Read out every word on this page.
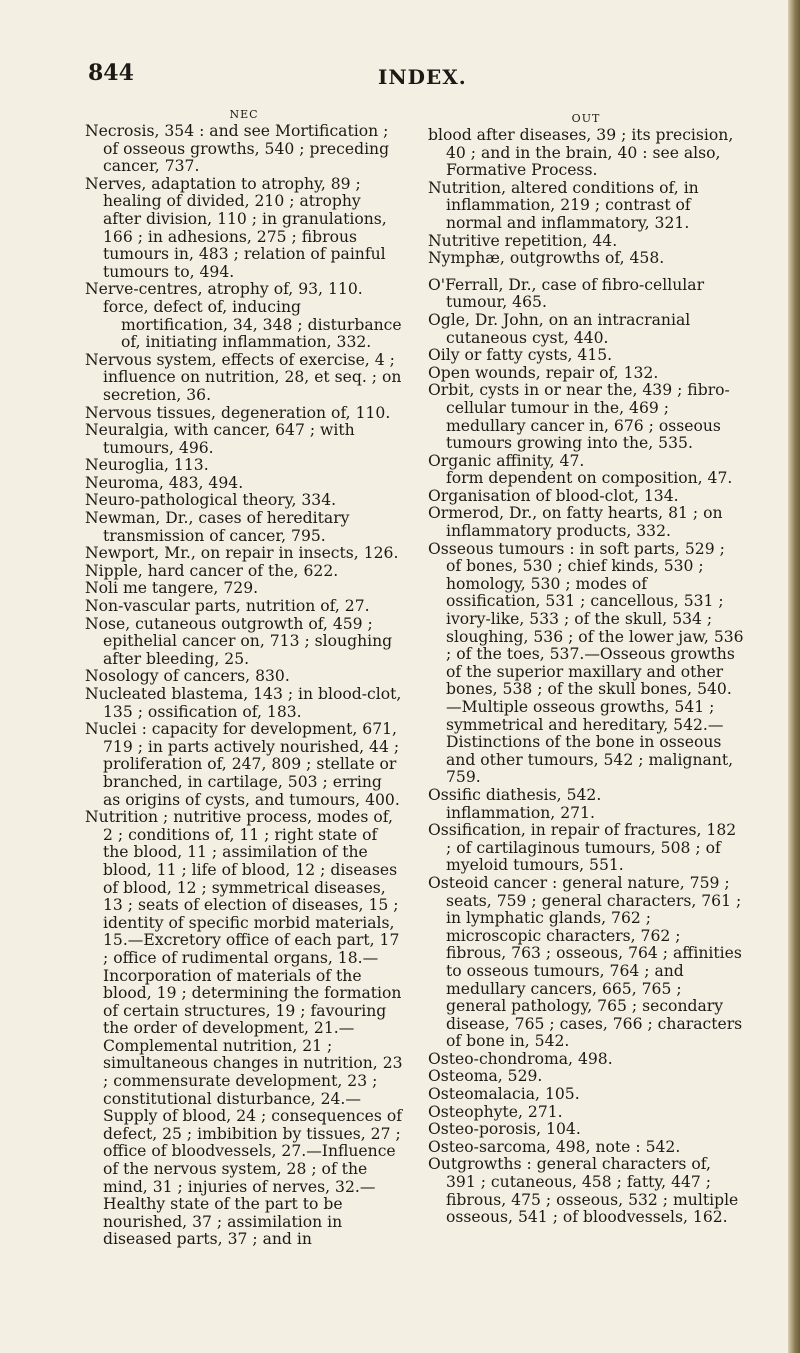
844	INDEX.

NEC

Necrosis, 354 : and see Mortification ; of osseous growths, 540 ; preceding cancer, 737.

Nerves, adaptation to atrophy, 89 ; healing of divided, 210 ; atrophy after division, 110 ; in granulations, 166 ; in adhesions, 275 ; fibrous tumours in, 483 ; relation of painful tumours to, 494.

Nerve-centres, atrophy of, 93, 110.

force, defect of, inducing mortification, 34, 348 ; disturbance of, initiating inflammation, 332.

Nervous system, effects of exercise, 4 ; influence on nutrition, 28, et seq. ; on secretion, 36.

Nervous tissues, degeneration of, 110.

Neuralgia, with cancer, 647 ; with tumours, 496.

Neuroglia, 113.

Neuroma, 483, 494.

Neuro-pathological theory, 334.

Newman, Dr., cases of hereditary transmission of cancer, 795.

Newport, Mr., on repair in insects, 126.

Nipple, hard cancer of the, 622.

Noli me tangere, 729.

Non-vascular parts, nutrition of, 27.

Nose, cutaneous outgrowth of, 459 ; epithelial cancer on, 713 ; sloughing after bleeding, 25.

Nosology of cancers, 830.

Nucleated blastema, 143 ; in blood-clot, 135 ; ossification of, 183.

Nuclei : capacity for development, 671, 719 ; in parts actively nourished, 44 ; proliferation of, 247, 809 ; stellate or branched, in cartilage, 503 ; erring as origins of cysts, and tumours, 400.

Nutrition ; nutritive process, modes of, 2 ; conditions of, 11 ; right state of the blood, 11 ; assimilation of the blood, 11 ; life of blood, 12 ; diseases of blood, 12 ; symmetrical diseases, 13 ; seats of election of diseases, 15 ; identity of specific morbid materials, 15.—Excretory office of each part, 17 ; office of rudimental organs, 18.—Incorporation of materials of the blood, 19 ; determining the formation of certain structures, 19 ; favouring the order of development, 21.—Complemental nutrition, 21 ; simultaneous changes in nutrition, 23 ; commensurate development, 23 ; constitutional disturbance, 24.—Supply of blood, 24 ; consequences of defect, 25 ; imbibition by tissues, 27 ; office of bloodvessels, 27.—Influence of the nervous system, 28 ; of the mind, 31 ; injuries of nerves, 32.—Healthy state of the part to be nourished, 37 ; assimilation in diseased parts, 37 ; and in

OUT

blood after diseases, 39 ; its precision, 40 ; and in the brain, 40 : see also, Formative Process.

Nutrition, altered conditions of, in inflammation, 219 ; contrast of normal and inflammatory, 321.

Nutritive repetition, 44.

Nymphæ, outgrowths of, 458.

O'Ferrall, Dr., case of fibro-cellular tumour, 465.

Ogle, Dr. John, on an intracranial cutaneous cyst, 440.

Oily or fatty cysts, 415.

Open wounds, repair of, 132.

Orbit, cysts in or near the, 439 ; fibro-cellular tumour in the, 469 ; medullary cancer in, 676 ; osseous tumours growing into the, 535.

Organic affinity, 47.

form dependent on composition, 47.

Organisation of blood-clot, 134.

Ormerod, Dr., on fatty hearts, 81 ; on inflammatory products, 332.

Osseous tumours : in soft parts, 529 ; of bones, 530 ; chief kinds, 530 ; homology, 530 ; modes of ossification, 531 ; cancellous, 531 ; ivory-like, 533 ; of the skull, 534 ; sloughing, 536 ; of the lower jaw, 536 ; of the toes, 537.—Osseous growths of the superior maxillary and other bones, 538 ; of the skull bones, 540.—Multiple osseous growths, 541 ; symmetrical and hereditary, 542.—Distinctions of the bone in osseous and other tumours, 542 ; malignant, 759.

Ossific diathesis, 542.

inflammation, 271.

Ossification, in repair of fractures, 182 ; of cartilaginous tumours, 508 ; of myeloid tumours, 551.

Osteoid cancer : general nature, 759 ; seats, 759 ; general characters, 761 ; in lymphatic glands, 762 ; microscopic characters, 762 ; fibrous, 763 ; osseous, 764 ; affinities to osseous tumours, 764 ; and medullary cancers, 665, 765 ; general pathology, 765 ; secondary disease, 765 ; cases, 766 ; characters of bone in, 542.

Osteo-chondroma, 498.

Osteoma, 529.

Osteomalacia, 105.

Osteophyte, 271.

Osteo-porosis, 104.

Osteo-sarcoma, 498, note : 542.

Outgrowths : general characters of, 391 ; cutaneous, 458 ; fatty, 447 ; fibrous, 475 ; osseous, 532 ; multiple osseous, 541 ; of bloodvessels, 162.
